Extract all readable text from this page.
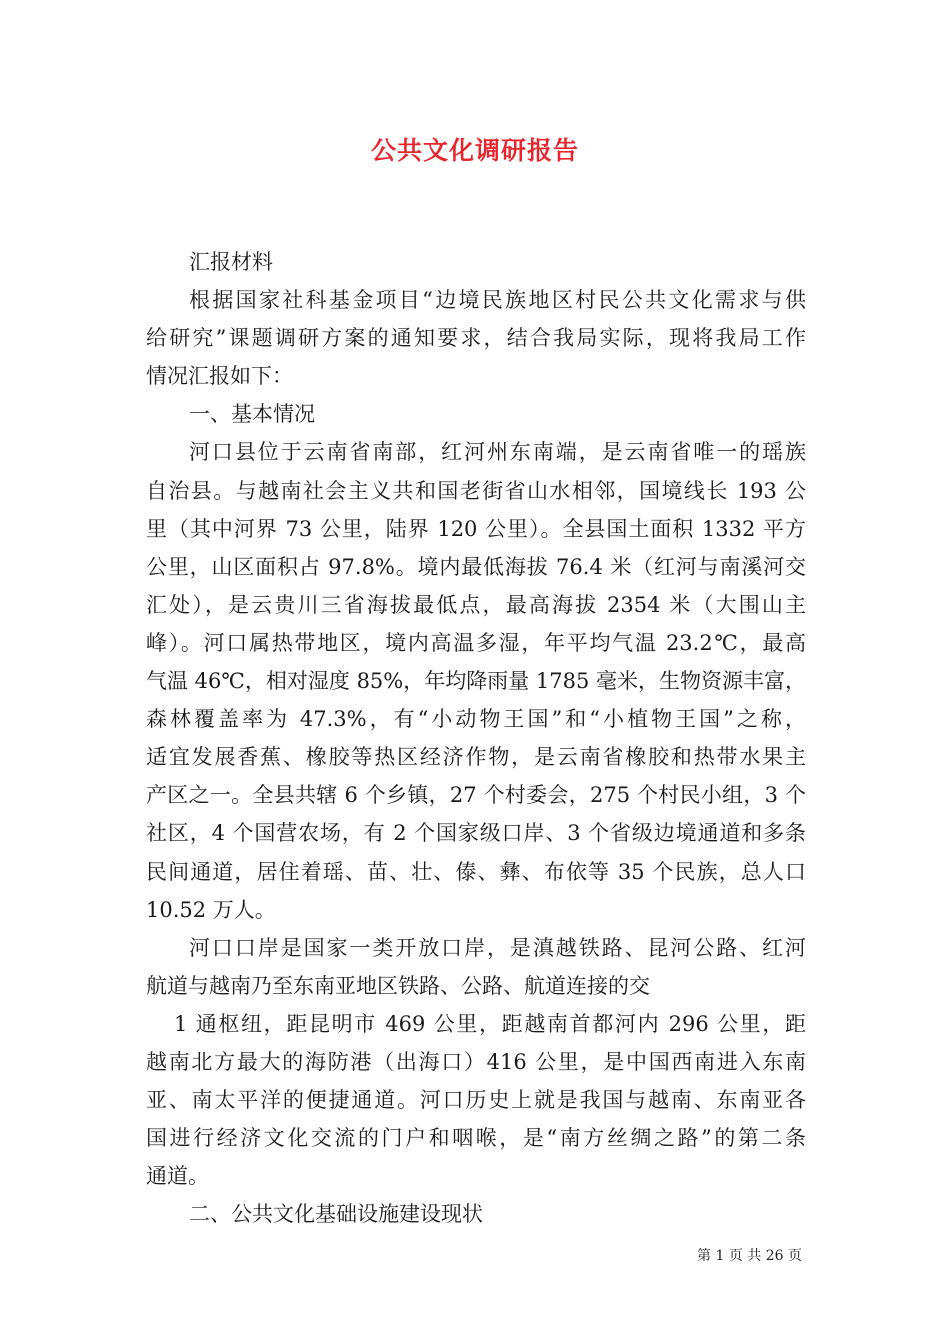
公共文化调研报告
汇报材料
根据国家社科基金项目“边境民族地区村民公共文化需求与供
给研究”课题调研方案的通知要求，结合我局实际，现将我局工作
情况汇报如下：
一、基本情况
河口县位于云南省南部，红河州东南端，是云南省唯一的瑶族
自治县。与越南社会主义共和国老街省山水相邻，国境线长 193 公
里（其中河界 73 公里，陆界 120 公里）。全县国土面积 1332 平方
公里，山区面积占 97.8%。境内最低海拔 76.4 米（红河与南溪河交
汇处），是云贵川三省海拔最低点，最高海拔 2354 米（大围山主
峰）。河口属热带地区，境内高温多湿，年平均气温 23.2℃，最高
气温 46℃，相对湿度 85%，年均降雨量 1785 毫米，生物资源丰富，
森林覆盖率为 47.3%，有“小动物王国”和“小植物王国”之称，
适宜发展香蕉、橡胶等热区经济作物，是云南省橡胶和热带水果主
产区之一。全县共辖 6 个乡镇，27 个村委会，275 个村民小组，3 个
社区，4 个国营农场，有 2 个国家级口岸、3 个省级边境通道和多条
民间通道，居住着瑶、苗、壮、傣、彝、布依等 35 个民族，总人口
10.52 万人。
河口口岸是国家一类开放口岸，是滇越铁路、昆河公路、红河
航道与越南乃至东南亚地区铁路、公路、航道连接的交
1 通枢纽，距昆明市 469 公里，距越南首都河内 296 公里，距
越南北方最大的海防港（出海口）416 公里，是中国西南进入东南
亚、南太平洋的便捷通道。河口历史上就是我国与越南、东南亚各
国进行经济文化交流的门户和咽喉，是“南方丝绸之路”的第二条
通道。
二、公共文化基础设施建设现状
第 1 页 共 26 页
